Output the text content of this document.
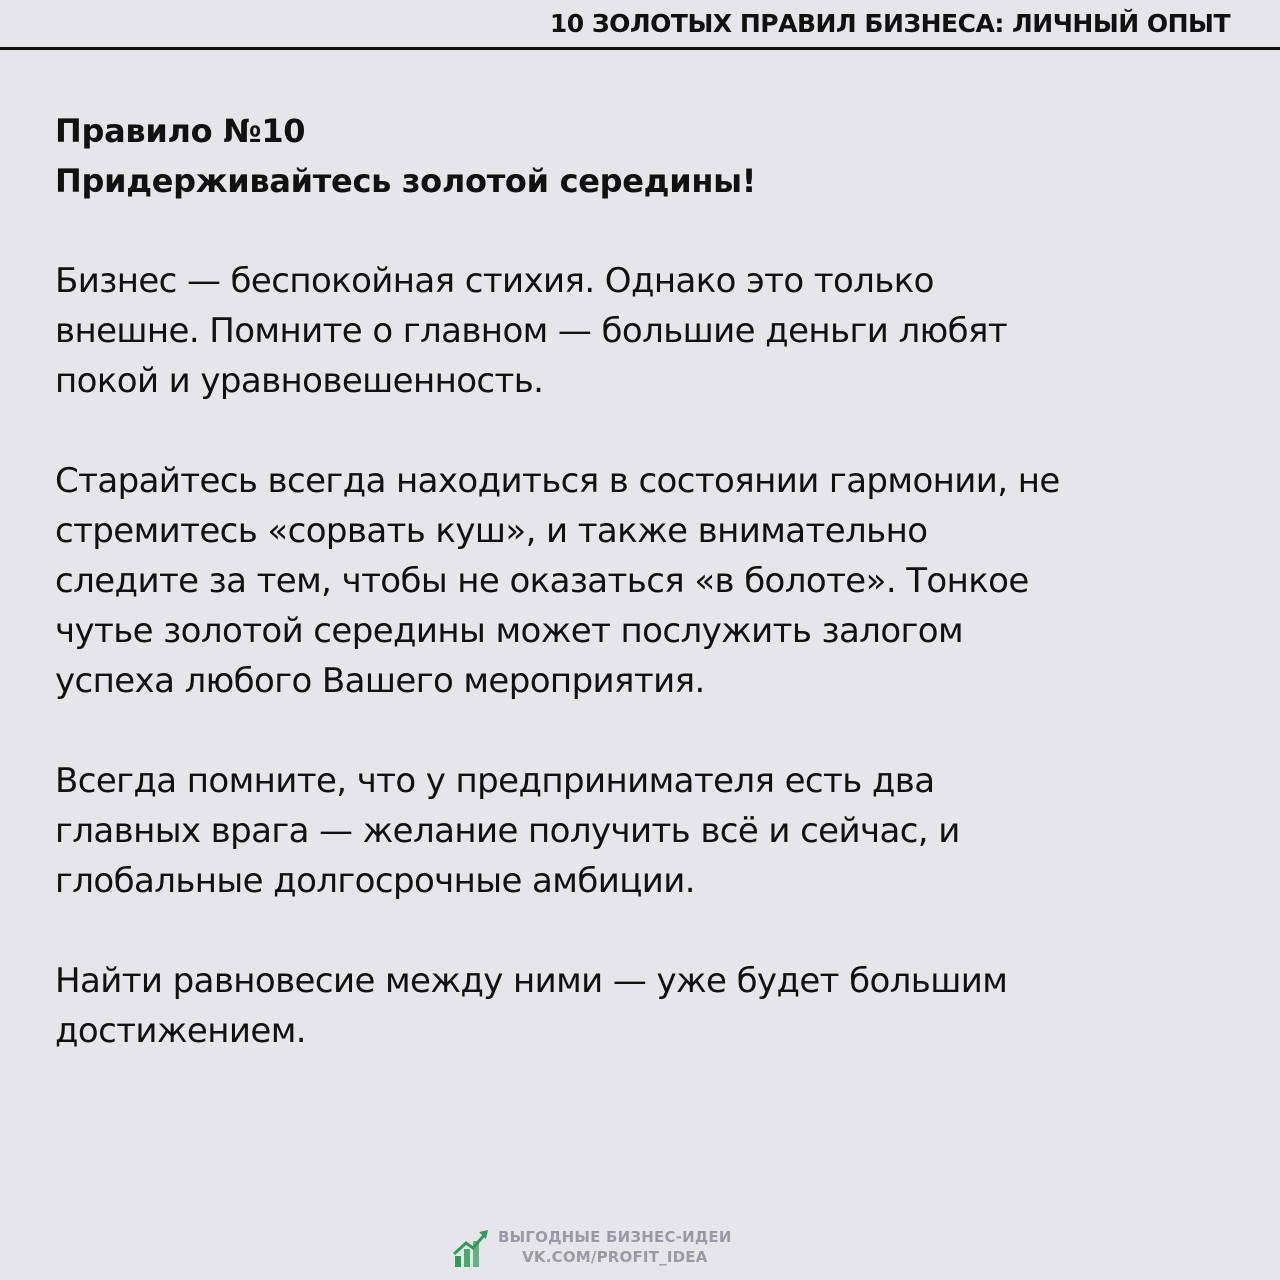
10 ЗОЛОТЫХ ПРАВИЛ БИЗНЕСА: ЛИЧНЫЙ ОПЫТ

Правило №10

Придерживайтесь золотой середины!

Бизнес — беспокойная стихия. Однако это только
внешне. Помните о главном — большие деньги любят
покой и уравновешенность.

Старайтесь всегда находиться в состоянии гармонии, не
стремитесь «сорвать куш», и также внимательно
следите за тем, чтобы не оказаться «в болоте». Тонкое
чутье золотой середины может послужить залогом
успеха любого Вашего мероприятия.

Всегда помните, что у предпринимателя есть два
главных врага — желание получить всё и сейчас, и
глобальные долгосрочные амбиции.

Найти равновесие между ними — уже будет большим
достижением.

ВЫГОДНЫЕ БИЗНЕС-ИДЕИ
VK.COM/PROFIT_IDEA
